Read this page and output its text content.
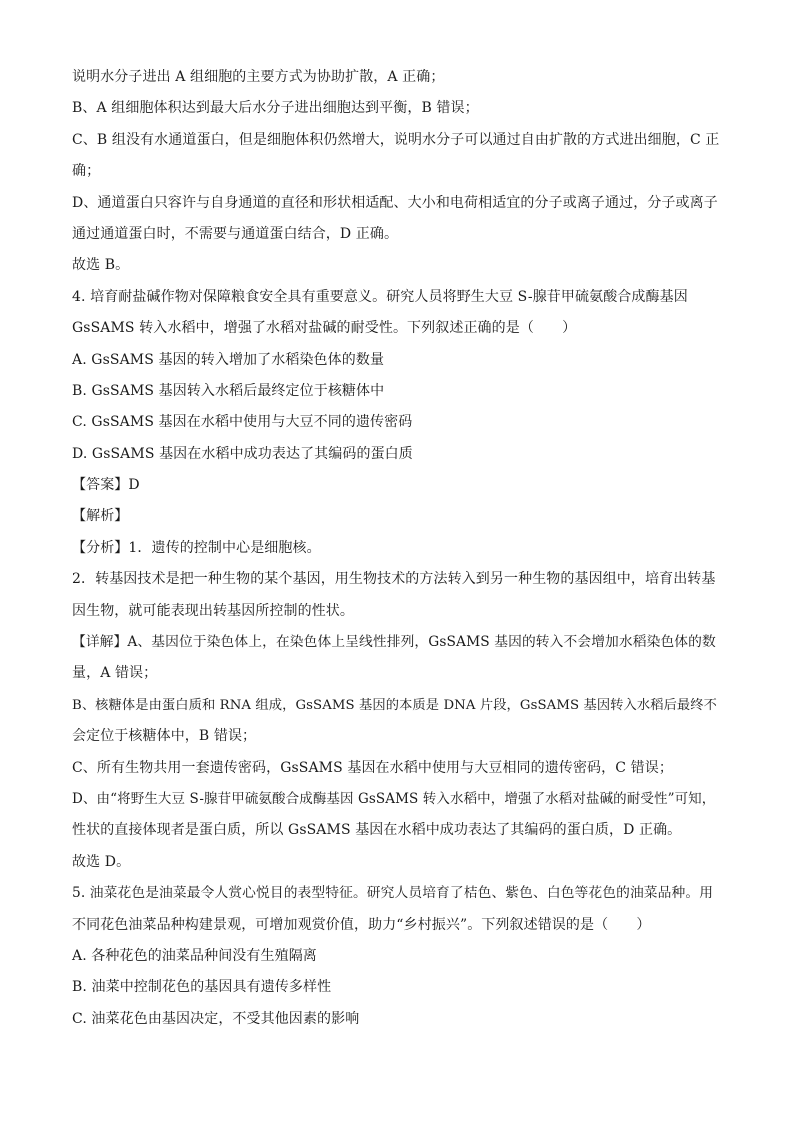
说明水分子进出 A 组细胞的主要方式为协助扩散，A 正确；
B、A 组细胞体积达到最大后水分子进出细胞达到平衡，B 错误；
C、B 组没有水通道蛋白，但是细胞体积仍然增大，说明水分子可以通过自由扩散的方式进出细胞，C 正
确；
D、通道蛋白只容许与自身通道的直径和形状相适配、大小和电荷相适宜的分子或离子通过，分子或离子
通过通道蛋白时，不需要与通道蛋白结合，D 正确。
故选 B。
4. 培育耐盐碱作物对保障粮食安全具有重要意义。研究人员将野生大豆 S-腺苷甲硫氨酸合成酶基因
GsSAMS 转入水稻中，增强了水稻对盐碱的耐受性。下列叙述正确的是（　　）
A. GsSAMS 基因的转入增加了水稻染色体的数量
B. GsSAMS 基因转入水稻后最终定位于核糖体中
C. GsSAMS 基因在水稻中使用与大豆不同的遗传密码
D. GsSAMS 基因在水稻中成功表达了其编码的蛋白质
【答案】D
【解析】
【分析】1．遗传的控制中心是细胞核。
2．转基因技术是把一种生物的某个基因，用生物技术的方法转入到另一种生物的基因组中，培育出转基
因生物，就可能表现出转基因所控制的性状。
【详解】A、基因位于染色体上，在染色体上呈线性排列，GsSAMS 基因的转入不会增加水稻染色体的数
量，A 错误；
B、核糖体是由蛋白质和 RNA 组成，GsSAMS 基因的本质是 DNA 片段，GsSAMS 基因转入水稻后最终不
会定位于核糖体中，B 错误；
C、所有生物共用一套遗传密码，GsSAMS 基因在水稻中使用与大豆相同的遗传密码，C 错误；
D、由“将野生大豆 S-腺苷甲硫氨酸合成酶基因 GsSAMS 转入水稻中，增强了水稻对盐碱的耐受性”可知，
性状的直接体现者是蛋白质，所以 GsSAMS 基因在水稻中成功表达了其编码的蛋白质，D 正确。
故选 D。
5. 油菜花色是油菜最令人赏心悦目的表型特征。研究人员培育了桔色、紫色、白色等花色的油菜品种。用
不同花色油菜品种构建景观，可增加观赏价值，助力“乡村振兴”。下列叙述错误的是（　　）
A. 各种花色的油菜品种间没有生殖隔离
B. 油菜中控制花色的基因具有遗传多样性
C. 油菜花色由基因决定，不受其他因素的影响
